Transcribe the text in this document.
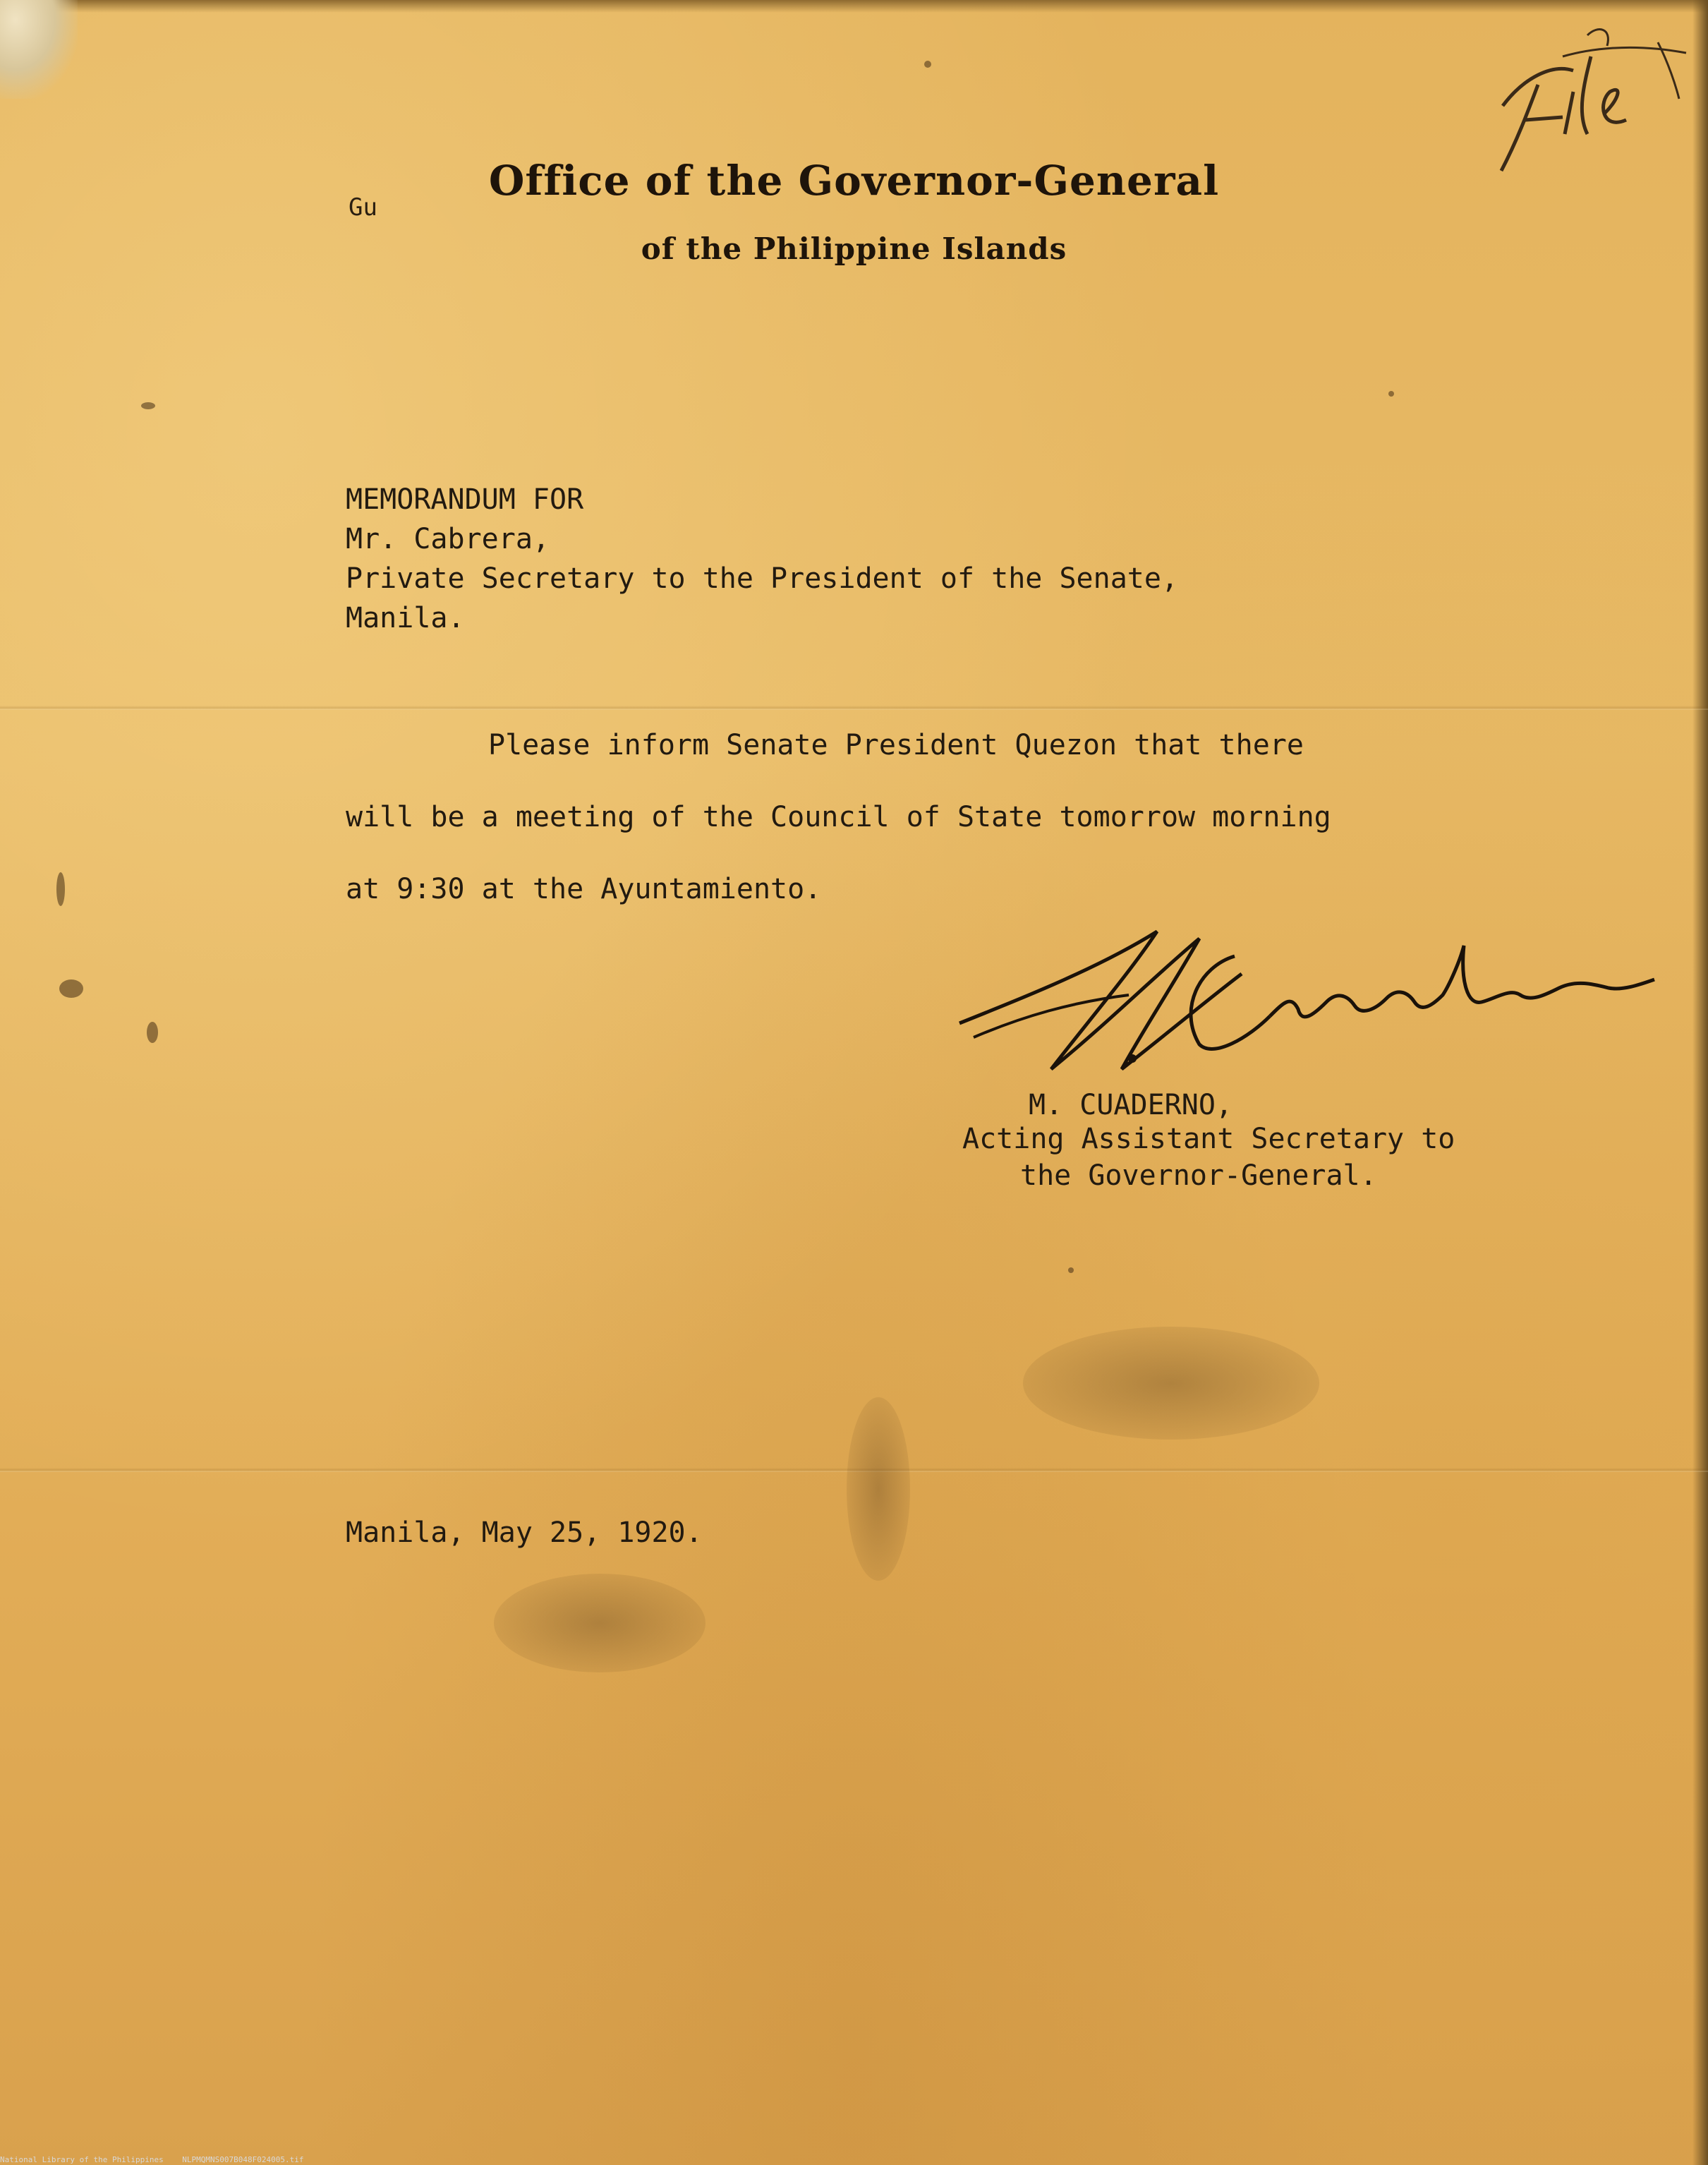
Gu
Office of the Governor-General
of the Philippine Islands
MEMORANDUM FOR
Mr. Cabrera,
Private Secretary to the President of the Senate,
Manila.
Please inform Senate President Quezon that there
will be a meeting of the Council of State tomorrow morning
at 9:30 at the Ayuntamiento.
M. CUADERNO,
Acting Assistant Secretary to
the Governor-General.
Manila, May 25, 1920.
National Library of the Philippines    NLPMQMNS007B048F024005.tif
